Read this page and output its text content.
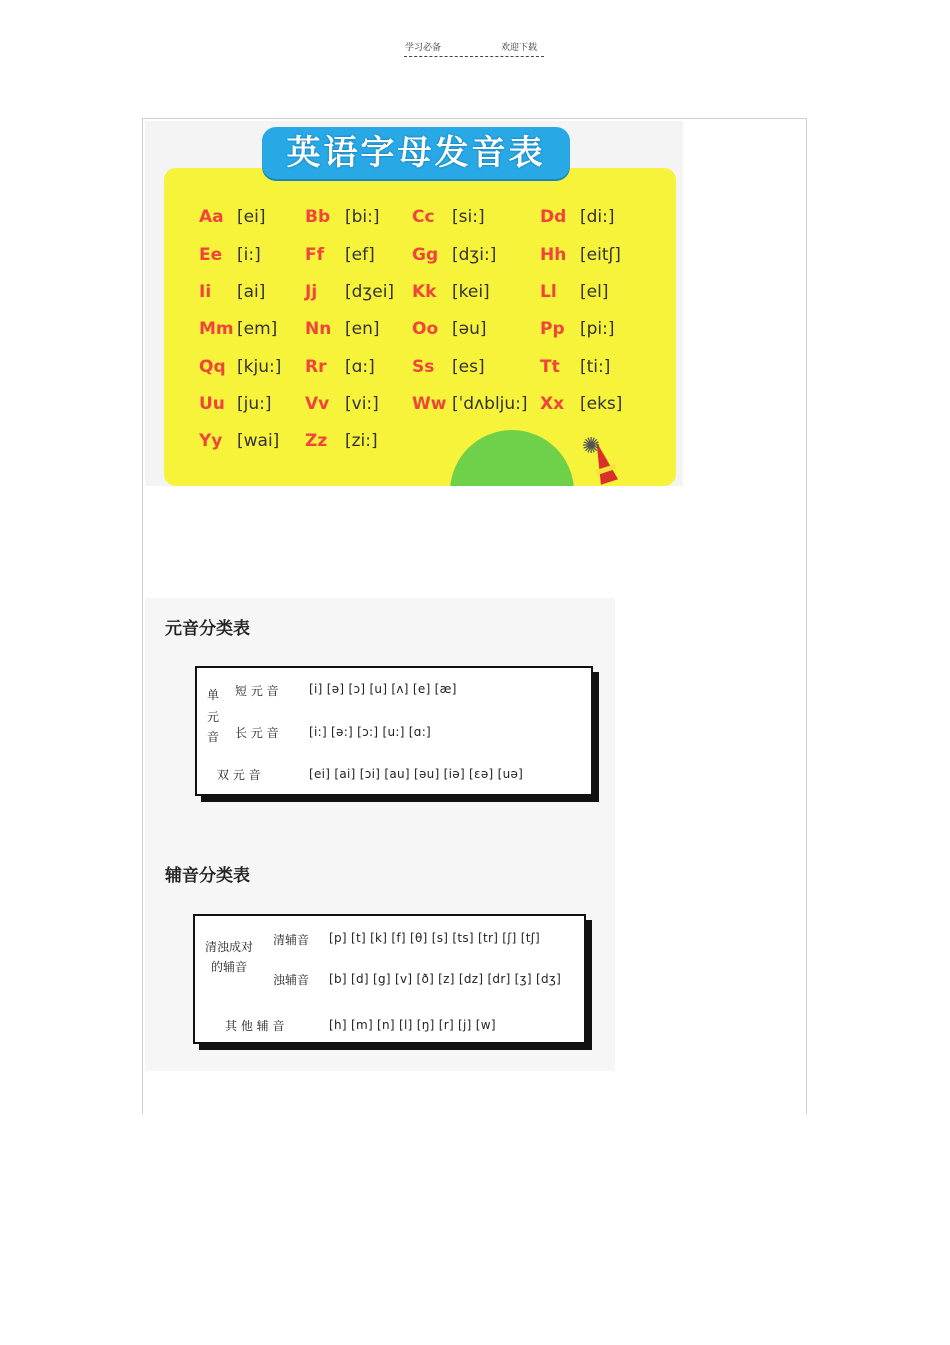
学习必备	欢迎下载
英语字母发音表
✺
Aa [ei] Bb [bi:] Cc [si:]	Dd [di:]
Ee [i:]	Ff [ef] Gg [dʒi:]	Hh [eitʃ]
Ii [ai] Jj [dʒei] Kk [kei]	Ll [el]
Mm [em] Nn [en] Oo [əu]	Pp [pi:]
Qq [kju:] Rr [ɑ:] Ss [es]	Tt [ti:]
Uu [ju:] Vv [vi:] Ww [ˈdʌblju:] Xx [eks]
Yy [wai] Zz [zi:]
元音分类表
单
元
音
短 元 音	[i] [ə] [ɔ] [u] [ʌ] [e] [æ]
长 元 音	[i:] [ə:] [ɔ:] [u:] [ɑ:]
双 元 音	[ei] [ai] [ɔi] [au] [əu] [iə] [ɛə] [uə]
辅音分类表
清浊成对
的辅音
清辅音 [p] [t] [k] [f] [θ] [s] [ts] [tr] [ʃ] [tʃ]
浊辅音 [b] [d] [g] [v] [ð] [z] [dz] [dr] [ʒ] [dʒ]
其 他 辅 音	[h] [m] [n] [l] [ŋ] [r] [j] [w]
